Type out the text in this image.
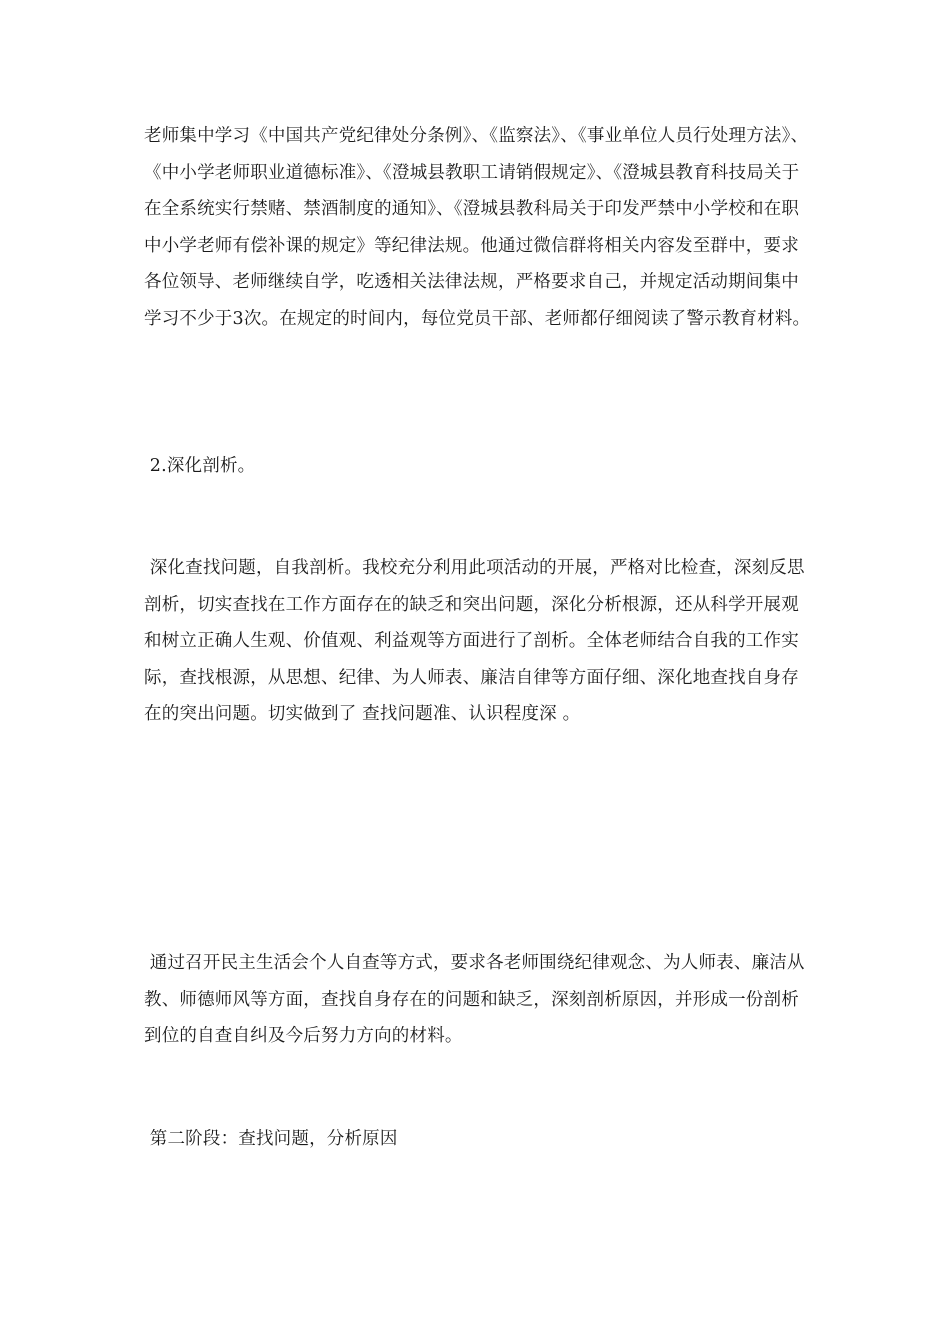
老师集中学习《中国共产党纪律处分条例》、《监察法》、《事业单位人员行处理方法》、《中小学老师职业道德标准》、《澄城县教职工请销假规定》、《澄城县教育科技局关于在全系统实行禁赌、禁酒制度的通知》、《澄城县教科局关于印发严禁中小学校和在职中小学老师有偿补课的规定》等纪律法规。他通过微信群将相关内容发至群中，要求各位领导、老师继续自学，吃透相关法律法规，严格要求自己，并规定活动期间集中学习不少于3次。在规定的时间内，每位党员干部、老师都仔细阅读了警示教育材料。

2.深化剖析。

深化查找问题，自我剖析。我校充分利用此项活动的开展，严格对比检查，深刻反思剖析，切实查找在工作方面存在的缺乏和突出问题，深化分析根源，还从科学开展观和树立正确人生观、价值观、利益观等方面进行了剖析。全体老师结合自我的工作实际，查找根源，从思想、纪律、为人师表、廉洁自律等方面仔细、深化地查找自身存在的突出问题。切实做到了 查找问题准、认识程度深 。

通过召开民主生活会个人自查等方式，要求各老师围绕纪律观念、为人师表、廉洁从教、师德师风等方面，查找自身存在的问题和缺乏，深刻剖析原因，并形成一份剖析到位的自查自纠及今后努力方向的材料。

第二阶段：查找问题，分析原因
